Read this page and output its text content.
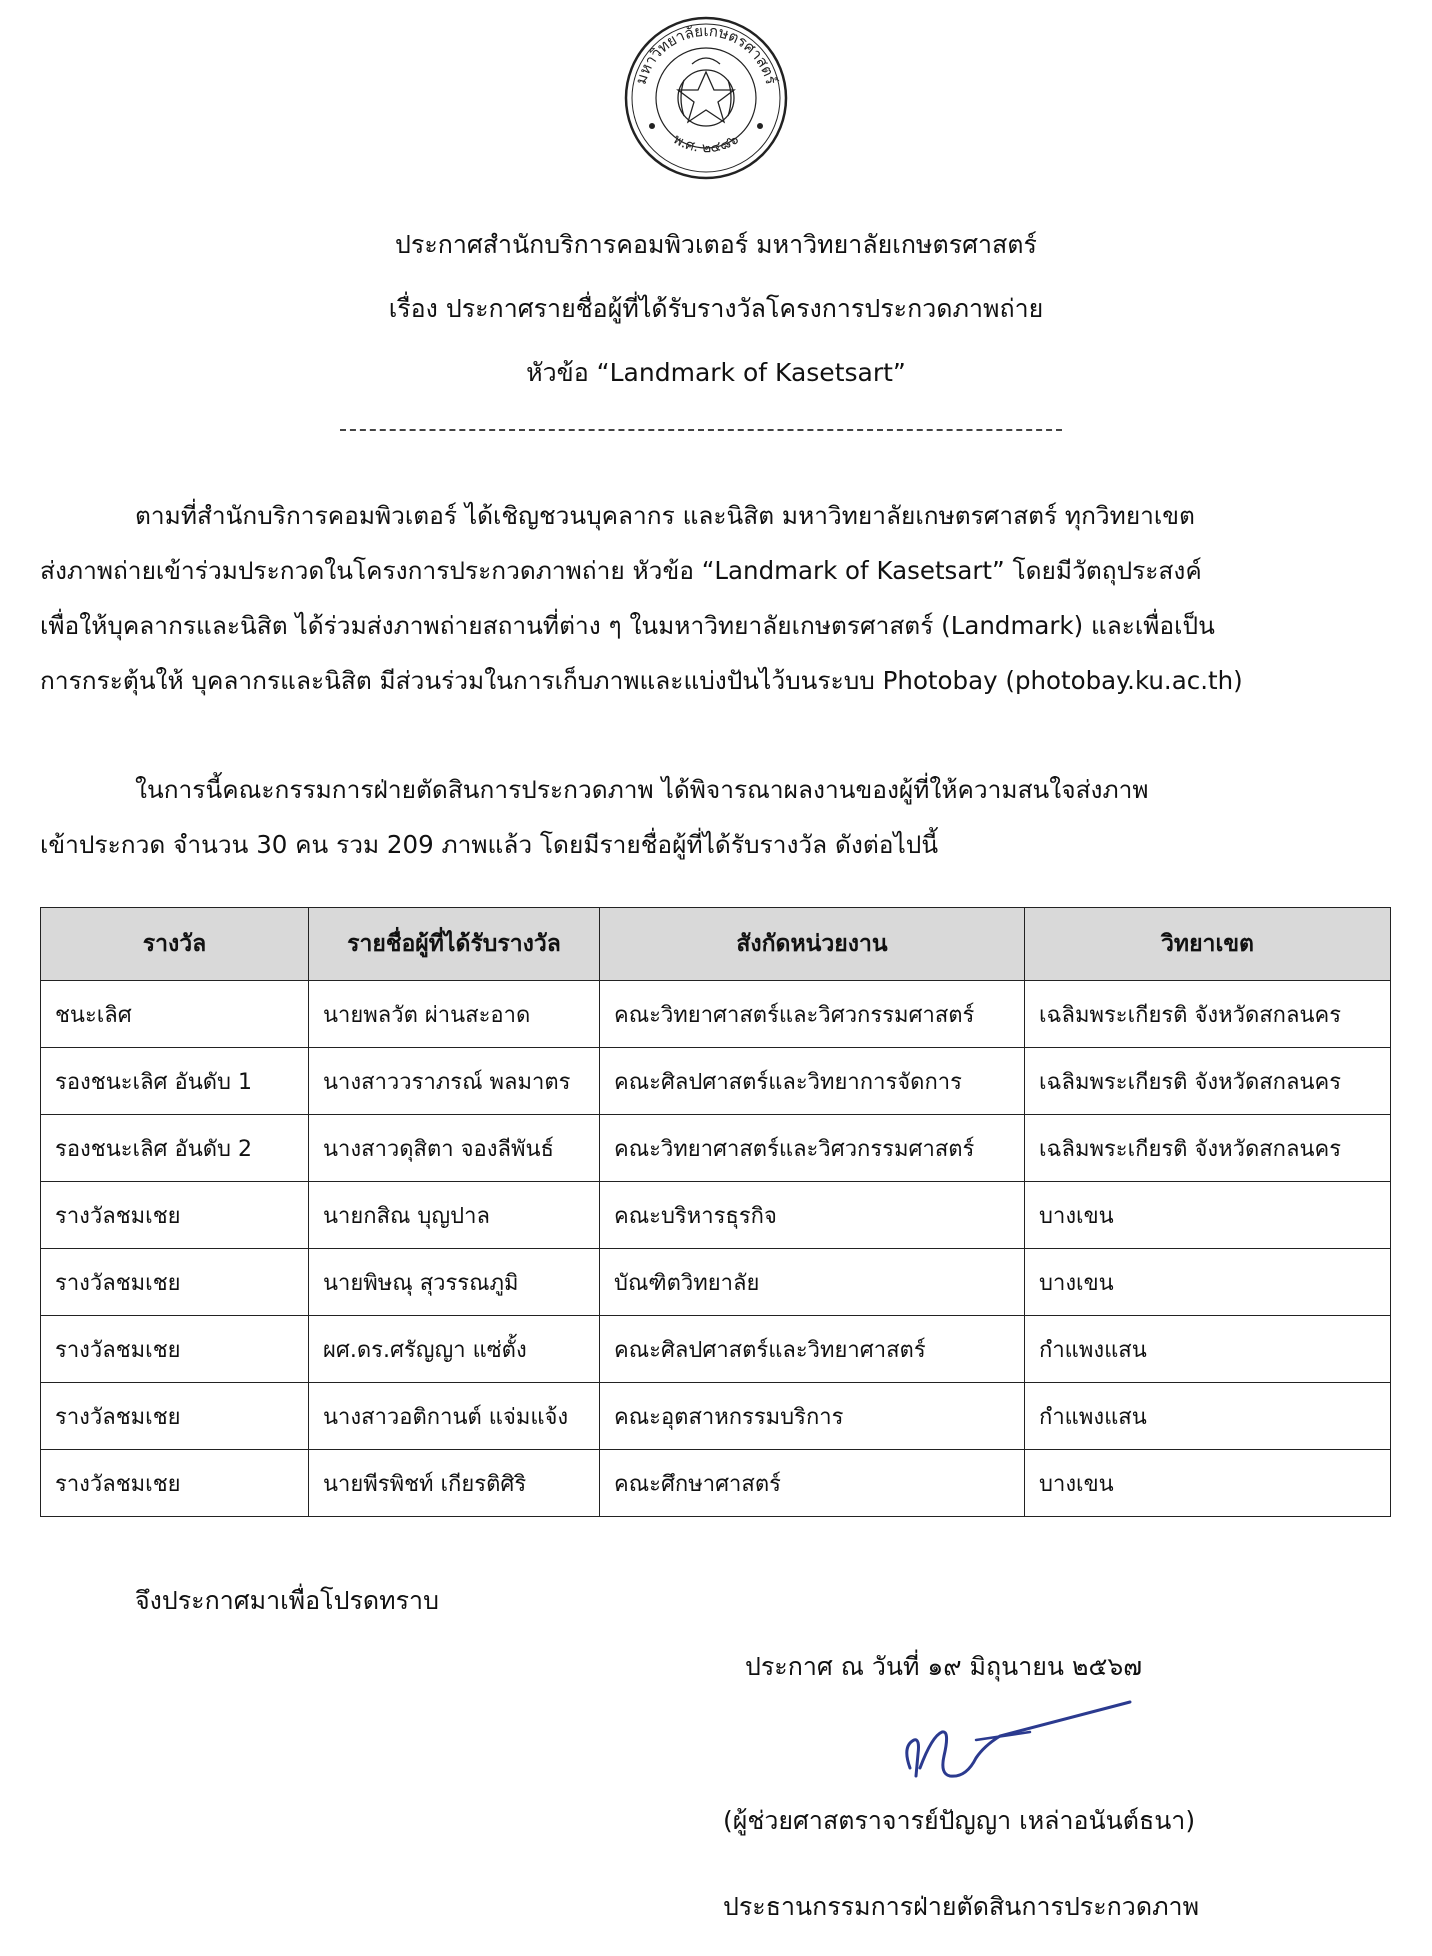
มหาวิทยาลัยเกษตรศาสตร์
พ.ศ. ๒๔๘๖
ประกาศสำนักบริการคอมพิวเตอร์ มหาวิทยาลัยเกษตรศาสตร์
เรื่อง ประกาศรายชื่อผู้ที่ได้รับรางวัลโครงการประกวดภาพถ่าย
หัวข้อ “Landmark of Kasetsart”
ตามที่สำนักบริการคอมพิวเตอร์ ได้เชิญชวนบุคลากร และนิสิต มหาวิทยาลัยเกษตรศาสตร์ ทุกวิทยาเขต
ส่งภาพถ่ายเข้าร่วมประกวดในโครงการประกวดภาพถ่าย หัวข้อ “Landmark of Kasetsart” โดยมีวัตถุประสงค์
เพื่อให้บุคลากรและนิสิต ได้ร่วมส่งภาพถ่ายสถานที่ต่าง ๆ ในมหาวิทยาลัยเกษตรศาสตร์ (Landmark) และเพื่อเป็น
การกระตุ้นให้ บุคลากรและนิสิต มีส่วนร่วมในการเก็บภาพและแบ่งปันไว้บนระบบ Photobay (photobay.ku.ac.th)
ในการนี้คณะกรรมการฝ่ายตัดสินการประกวดภาพ ได้พิจารณาผลงานของผู้ที่ให้ความสนใจส่งภาพ
เข้าประกวด จำนวน 30 คน รวม 209 ภาพแล้ว โดยมีรายชื่อผู้ที่ได้รับรางวัล ดังต่อไปนี้
รางวัล	รายชื่อผู้ที่ได้รับรางวัล	สังกัดหน่วยงาน	วิทยาเขต
ชนะเลิศ	นายพลวัต ผ่านสะอาด	คณะวิทยาศาสตร์และวิศวกรรมศาสตร์	เฉลิมพระเกียรติ จังหวัดสกลนคร
รองชนะเลิศ อันดับ 1	นางสาววราภรณ์ พลมาตร	คณะศิลปศาสตร์และวิทยาการจัดการ	เฉลิมพระเกียรติ จังหวัดสกลนคร
รองชนะเลิศ อันดับ 2	นางสาวดุสิตา จองลีพันธ์	คณะวิทยาศาสตร์และวิศวกรรมศาสตร์	เฉลิมพระเกียรติ จังหวัดสกลนคร
รางวัลชมเชย	นายกสิณ บุญปาล	คณะบริหารธุรกิจ	บางเขน
รางวัลชมเชย	นายพิษณุ สุวรรณภูมิ	บัณฑิตวิทยาลัย	บางเขน
รางวัลชมเชย	ผศ.ดร.ศรัญญา แซ่ตั้ง	คณะศิลปศาสตร์และวิทยาศาสตร์	กำแพงแสน
รางวัลชมเชย	นางสาวอติกานต์ แจ่มแจ้ง	คณะอุตสาหกรรมบริการ	กำแพงแสน
รางวัลชมเชย	นายพีรพิชท์ เกียรติศิริ	คณะศึกษาศาสตร์	บางเขน
จึงประกาศมาเพื่อโปรดทราบ
ประกาศ ณ วันที่ ๑๙ มิถุนายน ๒๕๖๗
(ผู้ช่วยศาสตราจารย์ปัญญา เหล่าอนันต์ธนา)
ประธานกรรมการฝ่ายตัดสินการประกวดภาพ
